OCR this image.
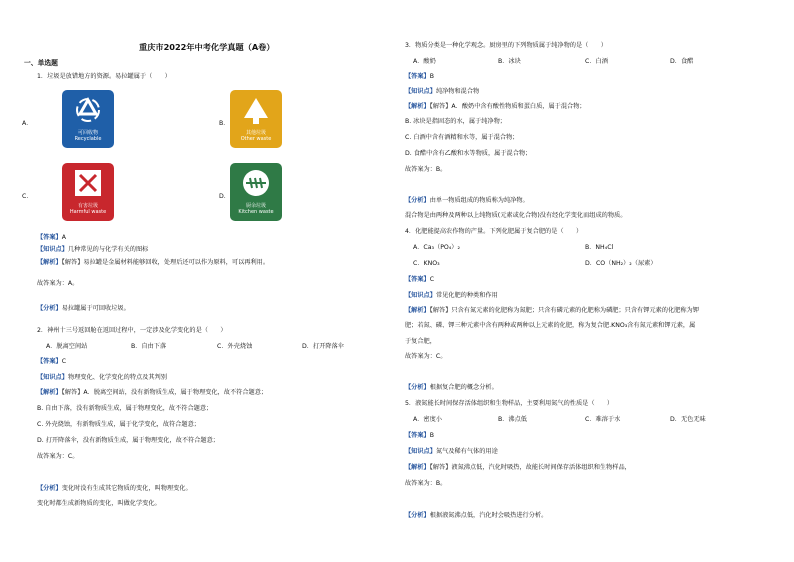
重庆市2022年中考化学真题（A卷）
一、单选题
1．垃圾是放错地方的资源。易拉罐属于（　　）
A．
可回收物
Recyclable
B．
其他垃圾
Other waste
C．
有害垃圾
Harmful waste
D．
厨余垃圾
Kitchen waste
【答案】A
【知识点】几种常见的与化学有关的图标
【解析】【解答】易拉罐是金属材料能够回收，处理后还可以作为原料，可以再利用。
故答案为：A。
【分析】易拉罐属于可回收垃圾。
2．神州十三号返回舱在返回过程中，一定涉及化学变化的是（　　）
A．脱离空间站	B．自由下落	C．外壳烧蚀	D．打开降落伞
【答案】C
【知识点】物理变化、化学变化的特点及其判别
【解析】【解答】A．脱离空间站，没有新物质生成，属于物理变化，故不符合题意；
B. 自由下落，没有新物质生成，属于物理变化，故不符合题意；
C. 外壳烧蚀，有新物质生成，属于化学变化，故符合题意；
D. 打开降落伞，没有新物质生成，属于物理变化，故不符合题意；
故答案为：C。
【分析】变化时没有生成其它物质的变化，叫物理变化。
变化时都生成新物质的变化，叫做化学变化。
3．物质分类是一种化学观念。厨房里的下列物质属于纯净物的是（　　）
A．酸奶	B．冰块	C．白酒	D．食醋
【答案】B
【知识点】纯净物和混合物
【解析】【解答】A．酸奶中含有酸性物质和蛋白质，属于混合物；
B. 冰块是指固态的水，属于纯净物；
C. 白酒中含有酒精和水等，属于混合物；
D. 食醋中含有乙酸和水等物质，属于混合物；
故答案为：B。
【分析】由单一物质组成的物质称为纯净物。
混合物是由两种及两种以上纯物质(元素或化合物)没有经化学变化而组成的物质。
4．化肥能提高农作物的产量。下列化肥属于复合肥的是（　　）
A．Ca₃（PO₄）₂	B．NH₄Cl
C．KNO₃	D．CO（NH₂）₂（尿素）
【答案】C
【知识点】常见化肥的种类和作用
【解析】【解答】只含有氮元素的化肥称为氮肥；只含有磷元素的化肥称为磷肥；只含有钾元素的化肥称为钾
肥；若氮、磷、钾三种元素中含有两种或两种以上元素的化肥，称为复合肥.KNO₃含有氮元素和钾元素，属
于复合肥，
故答案为：C。
【分析】根据复合肥的概念分析。
5．液氮能长时间保存活体组织和生物样品，主要利用氮气的性质是（　　）
A．密度小	B．沸点低	C．难溶于水	D．无色无味
【答案】B
【知识点】氮气及稀有气体的用途
【解析】【解答】液氮沸点低，汽化时吸热，故能长时间保存活体组织和生物样品，
故答案为：B。
【分析】根据液氮沸点低，汽化时会吸热进行分析。
